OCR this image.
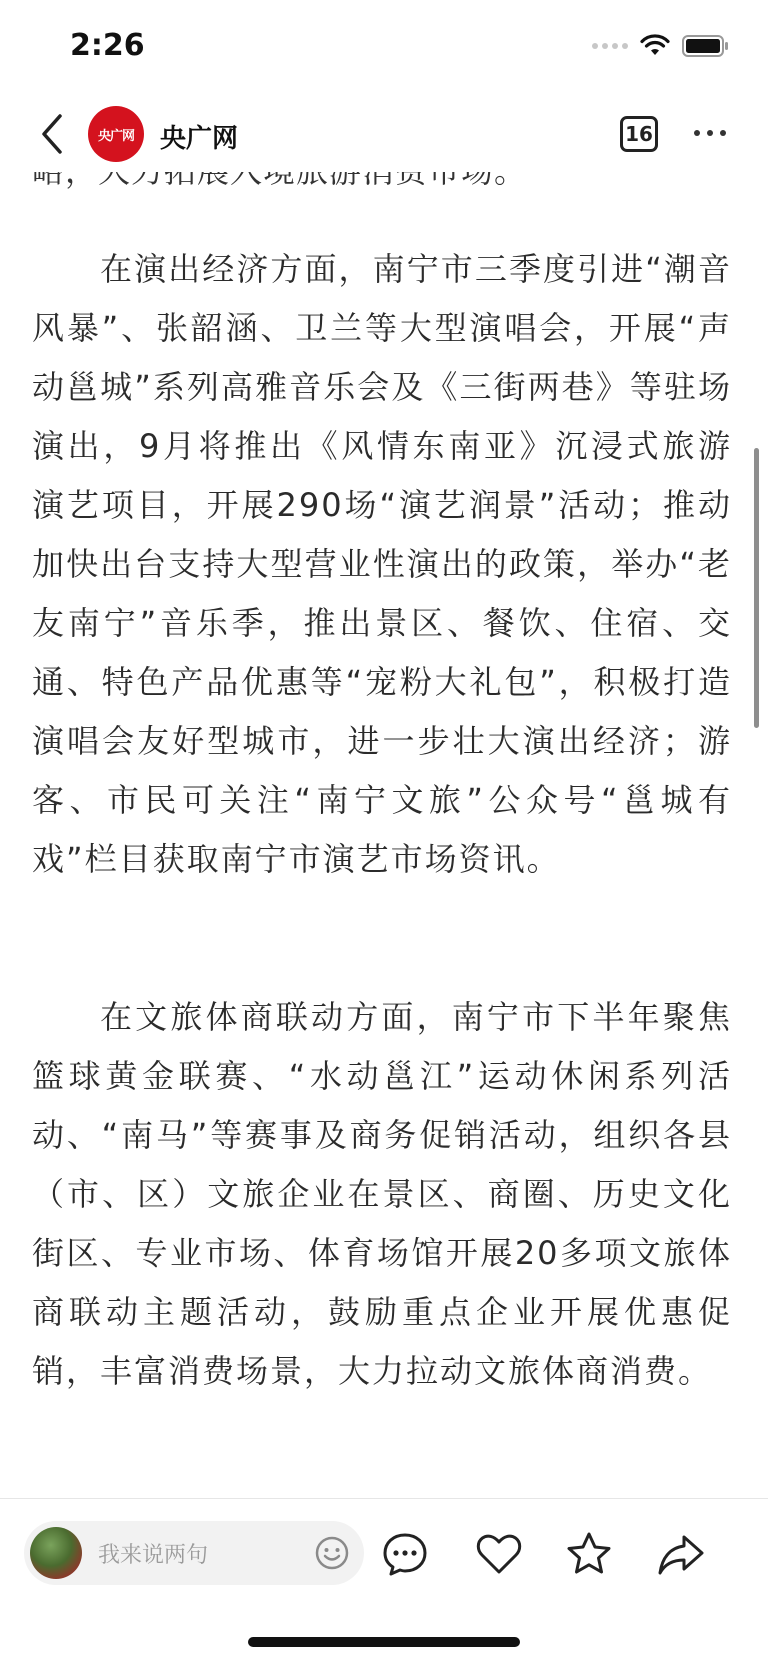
2:26
央广网	央广网	16
在演出经济方面，南宁市三季度引进“潮音风暴”、张韶涵、卫兰等大型演唱会，开展“声动邕城”系列高雅音乐会及《三街两巷》等驻场演出，9月将推出《风情东南亚》沉浸式旅游演艺项目，开展290场“演艺润景”活动；推动加快出台支持大型营业性演出的政策，举办“老友南宁”音乐季，推出景区、餐饮、住宿、交通、特色产品优惠等“宠粉大礼包”，积极打造演唱会友好型城市，进一步壮大演出经济；游客、市民可关注“南宁文旅”公众号“邕城有戏”栏目获取南宁市演艺市场资讯。
在文旅体商联动方面，南宁市下半年聚焦篮球黄金联赛、“水动邕江”运动休闲系列活动、“南马”等赛事及商务促销活动，组织各县（市、区）文旅企业在景区、商圈、历史文化街区、专业市场、体育场馆开展20多项文旅体商联动主题活动，鼓励重点企业开展优惠促销，丰富消费场景，大力拉动文旅体商消费。
我来说两句
